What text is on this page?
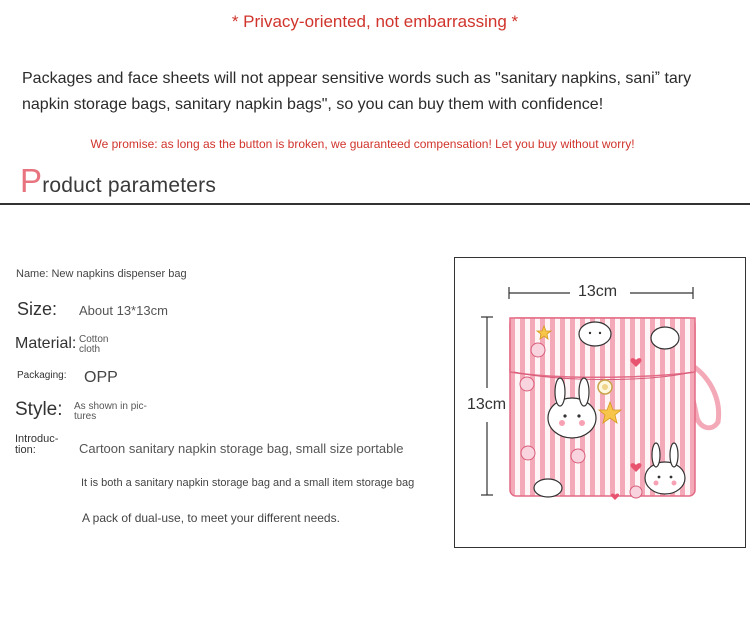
* Privacy-oriented, not embarrassing *
Packages and face sheets will not appear sensitive words such as "sanitary napkins, saniˮ tary napkin storage bags, sanitary napkin bags", so you can buy them with confidence!
We promise: as long as the button is broken, we guaranteed compensation! Let you buy without worry!
Product parameters
Name: New napkins dispenser bag
Size: About 13*13cm
Material: Cotton cloth
Packaging: OPP
Style: As shown in pic-tures
Introduc-tion:	Cartoon sanitary napkin storage bag, small size portable
It is both a sanitary napkin storage bag and a small item storage bag
A pack of dual-use, to meet your different needs.
13cm
13cm
